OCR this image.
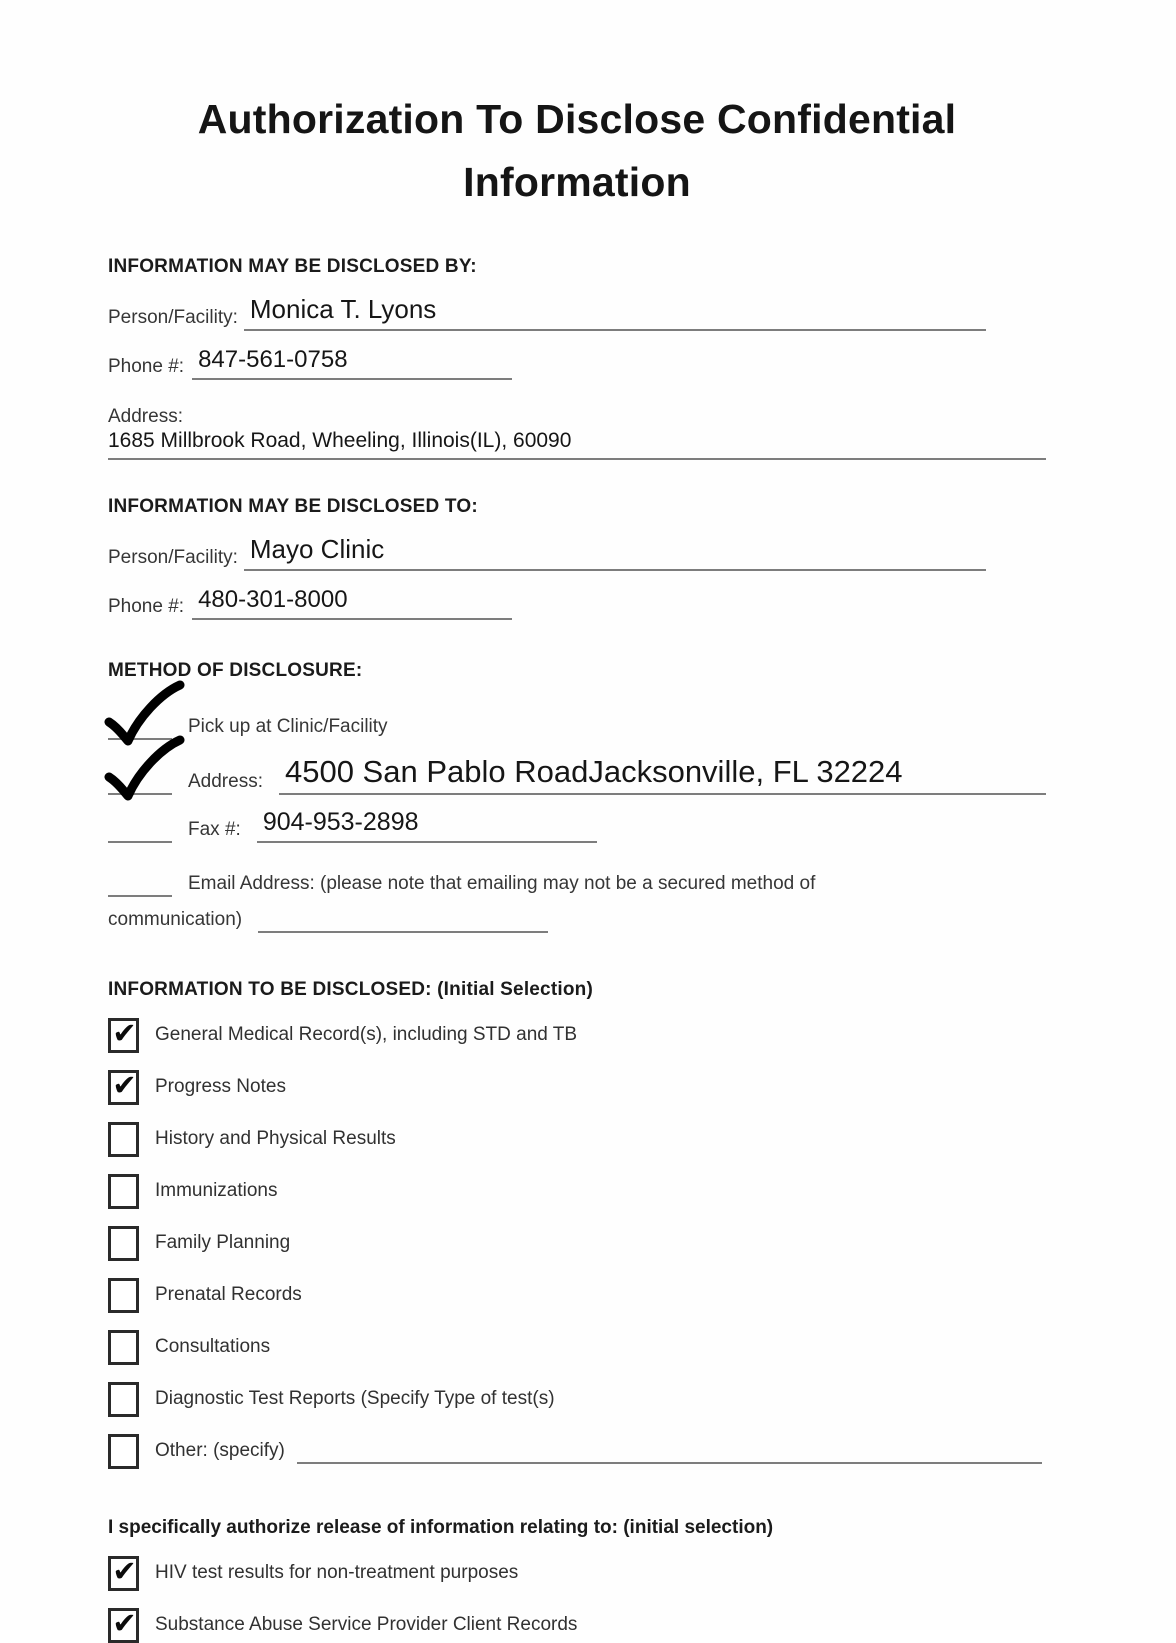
Authorization To Disclose Confidential Information
INFORMATION MAY BE DISCLOSED BY:
Person/Facility: Monica T. Lyons
Phone #: 847-561-0758
Address:
1685 Millbrook Road, Wheeling, Illinois(IL), 60090
INFORMATION MAY BE DISCLOSED TO:
Person/Facility: Mayo Clinic
Phone #: 480-301-8000
METHOD OF DISCLOSURE:
Pick up at Clinic/Facility
Address: 4500 San Pablo RoadJacksonville, FL 32224
Fax #: 904-953-2898
Email Address: (please note that emailing may not be a secured method of
communication)
INFORMATION TO BE DISCLOSED: (Initial Selection)
✔ General Medical Record(s), including STD and TB
✔ Progress Notes
History and Physical Results
Immunizations
Family Planning
Prenatal Records
Consultations
Diagnostic Test Reports (Specify Type of test(s)
Other: (specify)
I specifically authorize release of information relating to: (initial selection)
✔ HIV test results for non-treatment purposes
✔ Substance Abuse Service Provider Client Records
